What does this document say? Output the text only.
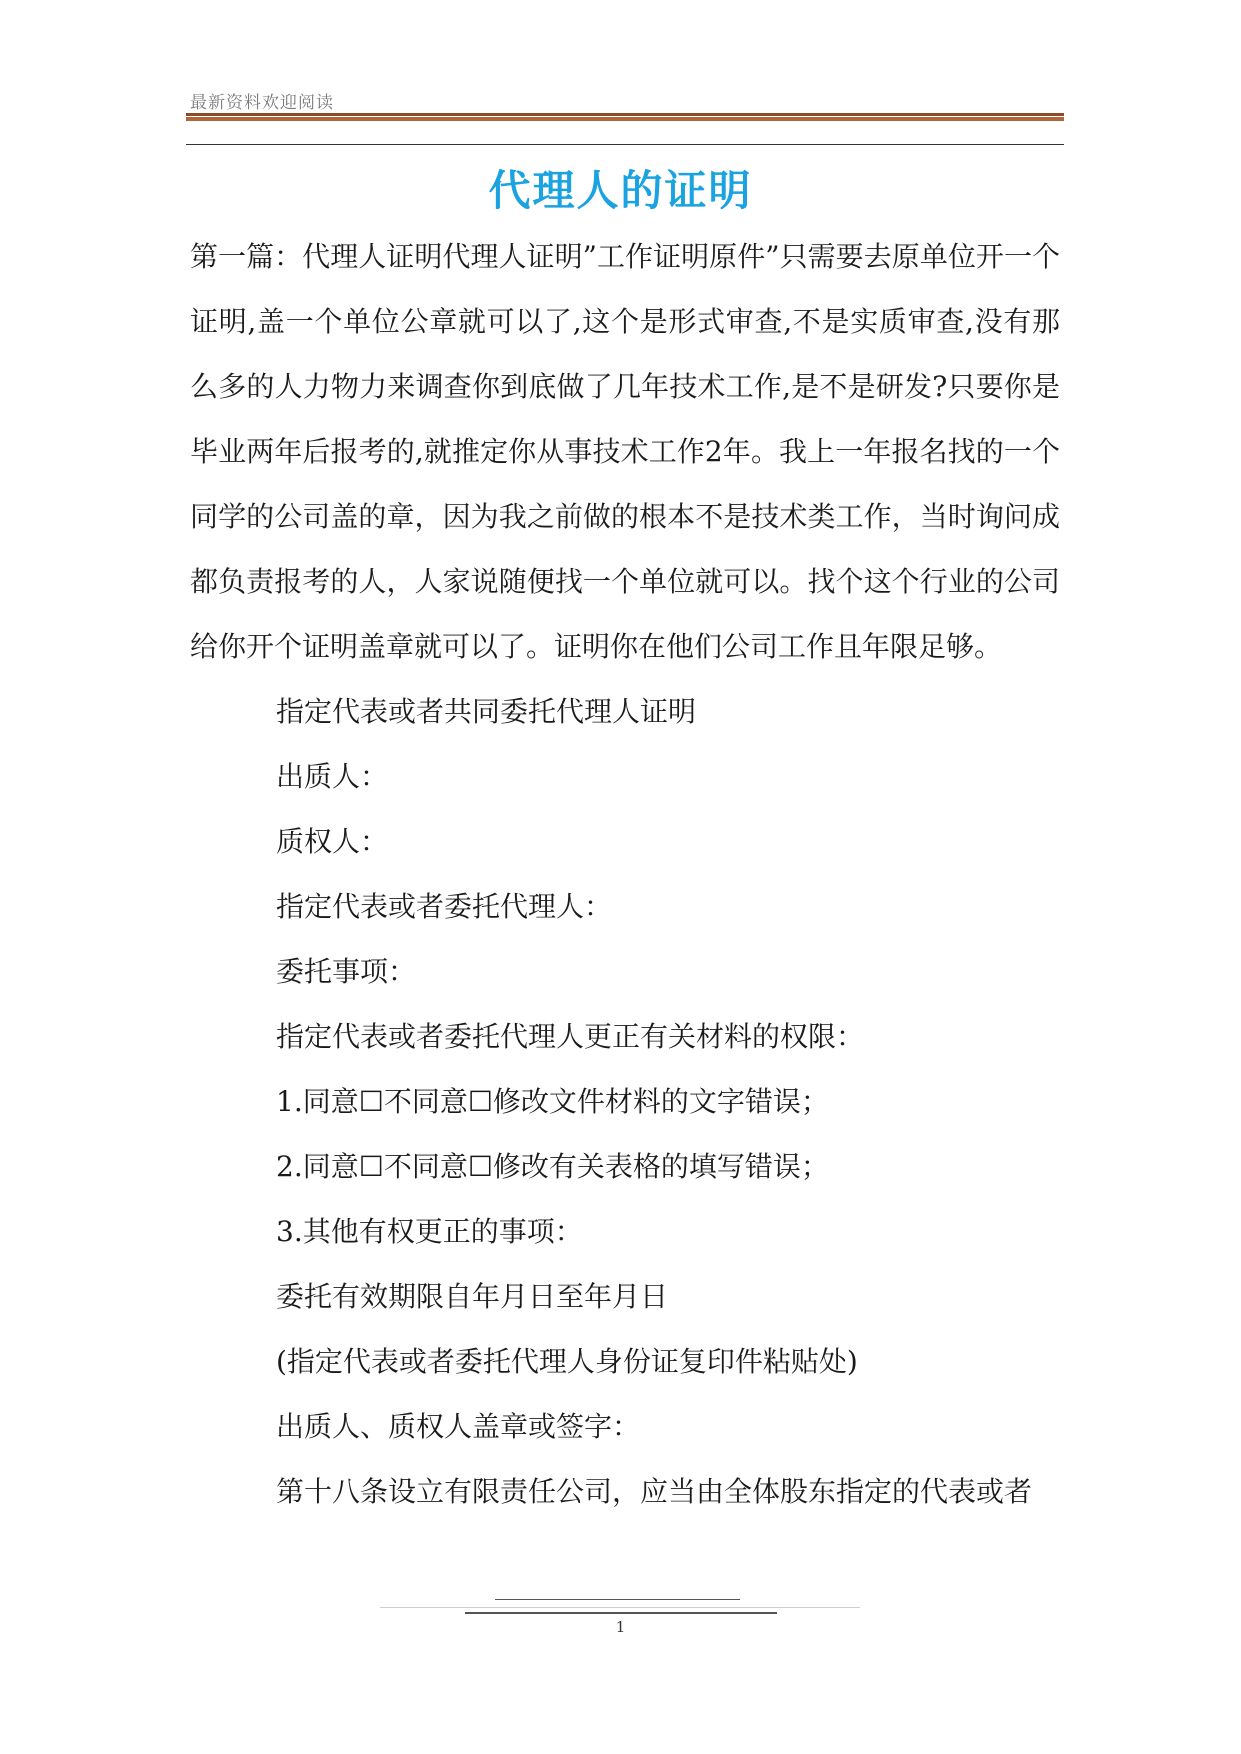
最新资料欢迎阅读
代理人的证明

第一篇：代理人证明代理人证明”工作证明原件”只需要去原单位开一个证明,盖一个单位公章就可以了,这个是形式审查,不是实质审查,没有那么多的人力物力来调查你到底做了几年技术工作,是不是研发?只要你是毕业两年后报考的,就推定你从事技术工作2年。我上一年报名找的一个同学的公司盖的章，因为我之前做的根本不是技术类工作，当时询问成都负责报考的人，人家说随便找一个单位就可以。找个这个行业的公司给你开个证明盖章就可以了。证明你在他们公司工作且年限足够。

指定代表或者共同委托代理人证明

出质人：

质权人：

指定代表或者委托代理人：

委托事项：

指定代表或者委托代理人更正有关材料的权限：

1.同意☐不同意☐修改文件材料的文字错误；

2.同意☐不同意☐修改有关表格的填写错误；

3.其他有权更正的事项：

委托有效期限自年月日至年月日

(指定代表或者委托代理人身份证复印件粘贴处)

出质人、质权人盖章或签字：

第十八条设立有限责任公司，应当由全体股东指定的代表或者

1
